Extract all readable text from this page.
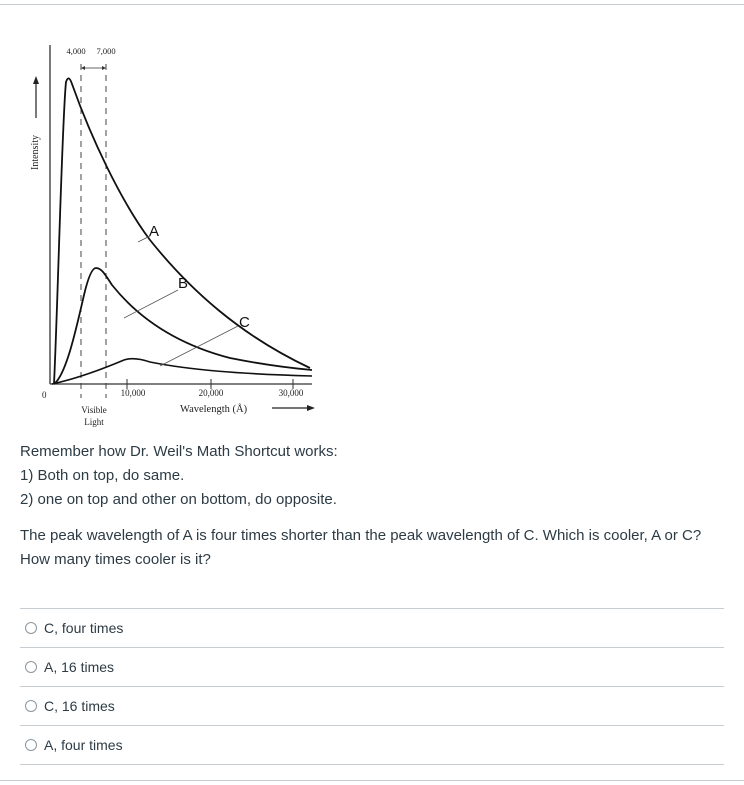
Intensity
4,000 7,000
0	10,000	20,000	30,000
Visible
Light
Wavelength (Å)
A
B
C

Remember how Dr. Weil's Math Shortcut works:

1) Both on top, do same.

2) one on top and other on bottom, do opposite.

The peak wavelength of A is four times shorter than the peak wavelength of C. Which is cooler, A or C? How many times cooler is it?

C, four times
A, 16 times
C, 16 times
A, four times
